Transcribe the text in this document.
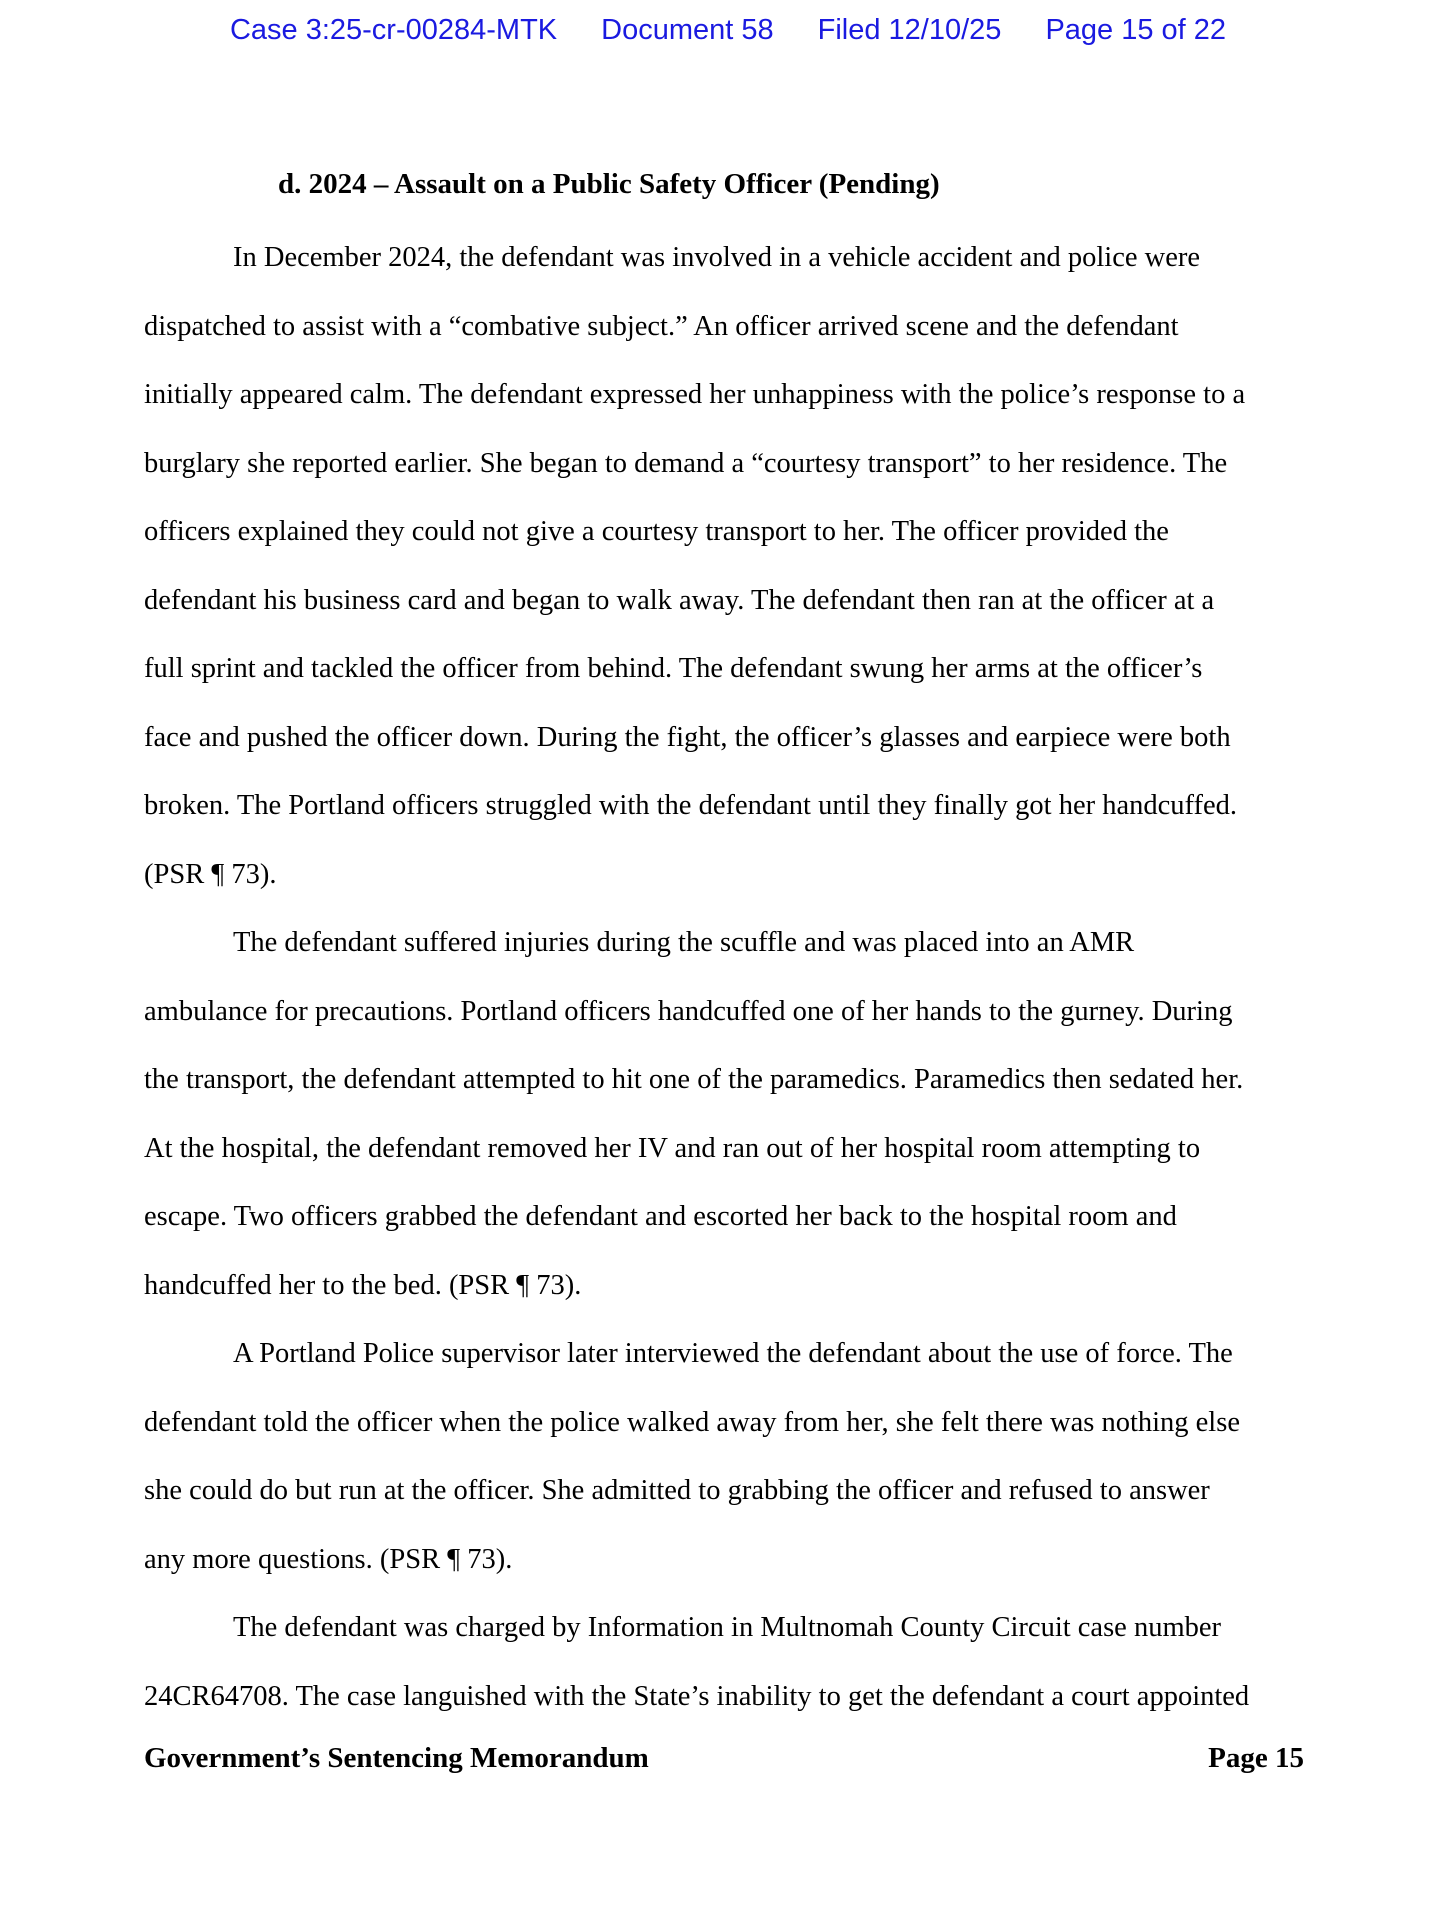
Case 3:25-cr-00284-MTK Document 58 Filed 12/10/25 Page 15 of 22
d. 2024 – Assault on a Public Safety Officer (Pending)
In December 2024, the defendant was involved in a vehicle accident and police were
dispatched to assist with a “combative subject.” An officer arrived scene and the defendant
initially appeared calm. The defendant expressed her unhappiness with the police’s response to a
burglary she reported earlier. She began to demand a “courtesy transport” to her residence. The
officers explained they could not give a courtesy transport to her. The officer provided the
defendant his business card and began to walk away. The defendant then ran at the officer at a
full sprint and tackled the officer from behind. The defendant swung her arms at the officer’s
face and pushed the officer down. During the fight, the officer’s glasses and earpiece were both
broken. The Portland officers struggled with the defendant until they finally got her handcuffed.
(PSR ¶ 73).
The defendant suffered injuries during the scuffle and was placed into an AMR
ambulance for precautions. Portland officers handcuffed one of her hands to the gurney. During
the transport, the defendant attempted to hit one of the paramedics. Paramedics then sedated her.
At the hospital, the defendant removed her IV and ran out of her hospital room attempting to
escape. Two officers grabbed the defendant and escorted her back to the hospital room and
handcuffed her to the bed. (PSR ¶ 73).
A Portland Police supervisor later interviewed the defendant about the use of force. The
defendant told the officer when the police walked away from her, she felt there was nothing else
she could do but run at the officer. She admitted to grabbing the officer and refused to answer
any more questions. (PSR ¶ 73).
The defendant was charged by Information in Multnomah County Circuit case number
24CR64708. The case languished with the State’s inability to get the defendant a court appointed
Government’s Sentencing Memorandum	Page 15
